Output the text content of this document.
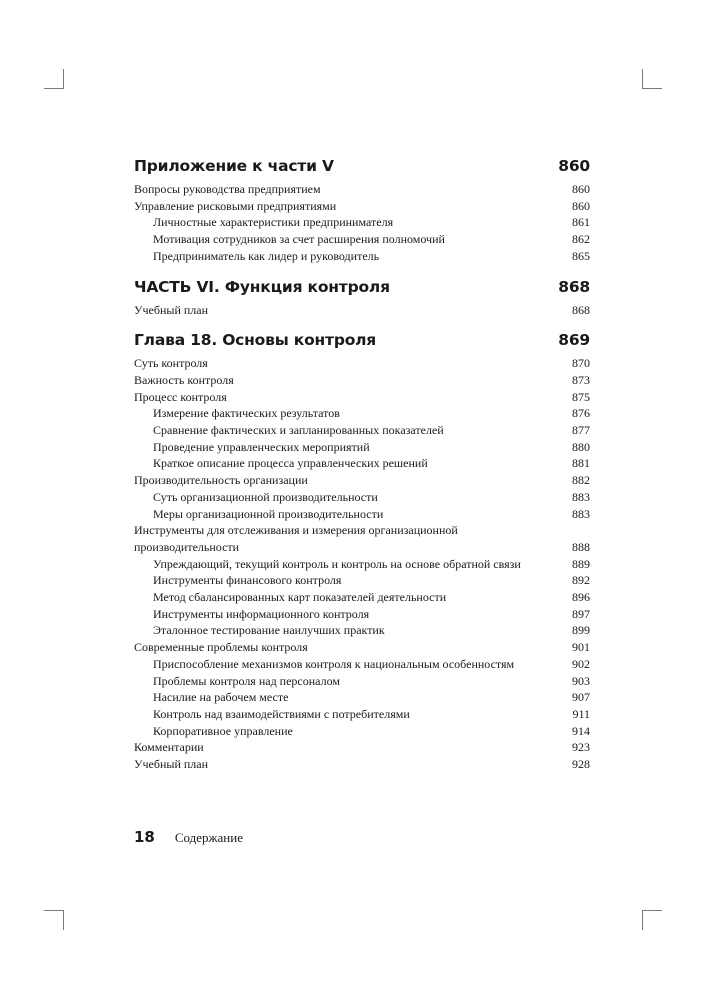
Приложение к части V	860
Вопросы руководства предприятием	860
Управление рисковыми предприятиями	860
Личностные характеристики предпринимателя	861
Мотивация сотрудников за счет расширения полномочий	862
Предприниматель как лидер и руководитель	865
ЧАСТЬ VI. Функция контроля	868
Учебный план	868
Глава 18. Основы контроля	869
Суть контроля	870
Важность контроля	873
Процесс контроля	875
Измерение фактических результатов	876
Сравнение фактических и запланированных показателей	877
Проведение управленческих мероприятий	880
Краткое описание процесса управленческих решений	881
Производительность организации	882
Суть организационной производительности	883
Меры организационной производительности	883
Инструменты для отслеживания и измерения организационной производительности	888
Упреждающий, текущий контроль и контроль на основе обратной связи	889
Инструменты финансового контроля	892
Метод сбалансированных карт показателей деятельности	896
Инструменты информационного контроля	897
Эталонное тестирование наилучших практик	899
Современные проблемы контроля	901
Приспособление механизмов контроля к национальным особенностям	902
Проблемы контроля над персоналом	903
Насилие на рабочем месте	907
Контроль над взаимодействиями с потребителями	911
Корпоративное управление	914
Комментарии	923
Учебный план	928
18 Содержание
